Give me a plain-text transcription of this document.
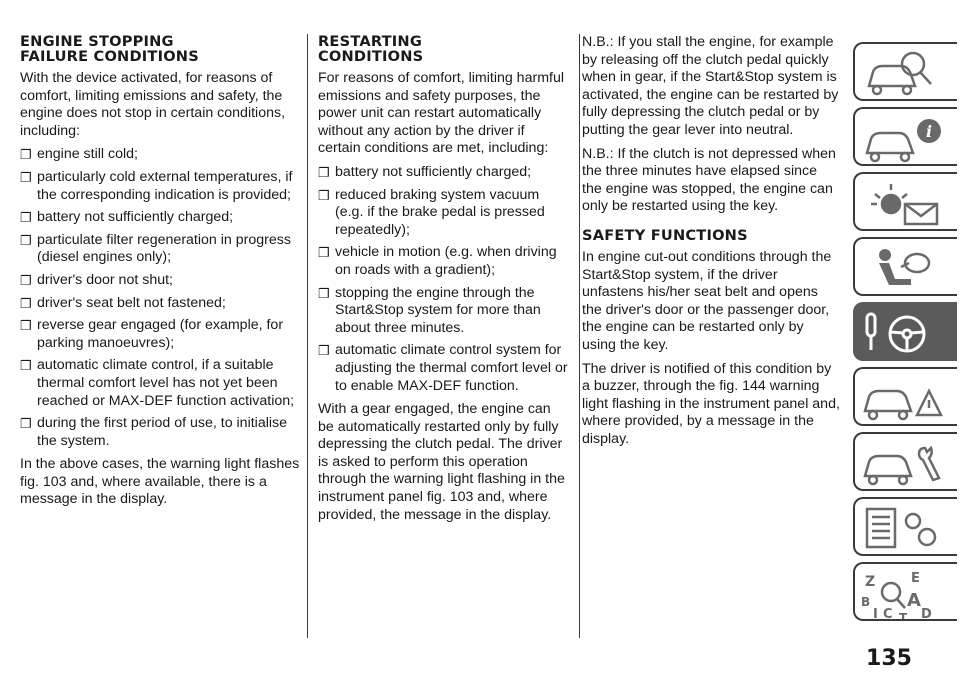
ENGINE STOPPING
FAILURE CONDITIONS

With the device activated, for reasons of comfort, limiting emissions and safety, the engine does not stop in certain conditions, including:

❒ engine still cold;
❒ particularly cold external temperatures, if the corresponding indication is provided;
❒ battery not sufficiently charged;
❒ particulate filter regeneration in progress (diesel engines only);
❒ driver's door not shut;
❒ driver's seat belt not fastened;
❒ reverse gear engaged (for example, for parking manoeuvres);
❒ automatic climate control, if a suitable thermal comfort level has not yet been reached or MAX-DEF function activation;
❒ during the first period of use, to initialise the system.

In the above cases, the warning light flashes fig. 103 and, where available, there is a message in the display.

RESTARTING
CONDITIONS

For reasons of comfort, limiting harmful emissions and safety purposes, the power unit can restart automatically without any action by the driver if certain conditions are met, including:

❒ battery not sufficiently charged;
❒ reduced braking system vacuum (e.g. if the brake pedal is pressed repeatedly);
❒ vehicle in motion (e.g. when driving on roads with a gradient);
❒ stopping the engine through the Start&Stop system for more than about three minutes.
❒ automatic climate control system for adjusting the thermal comfort level or to enable MAX-DEF function.

With a gear engaged, the engine can be automatically restarted only by fully depressing the clutch pedal. The driver is asked to perform this operation through the warning light flashing in the instrument panel fig. 103 and, where provided, the message in the display.

N.B.: If you stall the engine, for example by releasing off the clutch pedal quickly when in gear, if the Start&Stop system is activated, the engine can be restarted by fully depressing the clutch pedal or by putting the gear lever into neutral.

N.B.: If the clutch is not depressed when the three minutes have elapsed since the engine was stopped, the engine can only be restarted using the key.

SAFETY FUNCTIONS

In engine cut-out conditions through the Start&Stop system, if the driver unfastens his/her seat belt and opens the driver's door or the passenger door, the engine can be restarted only by using the key.

The driver is notified of this condition by a buzzer, through the fig. 144 warning light flashing in the instrument panel and, where provided, by a message in the display.

i
Z	E
B A
I C T D
135
